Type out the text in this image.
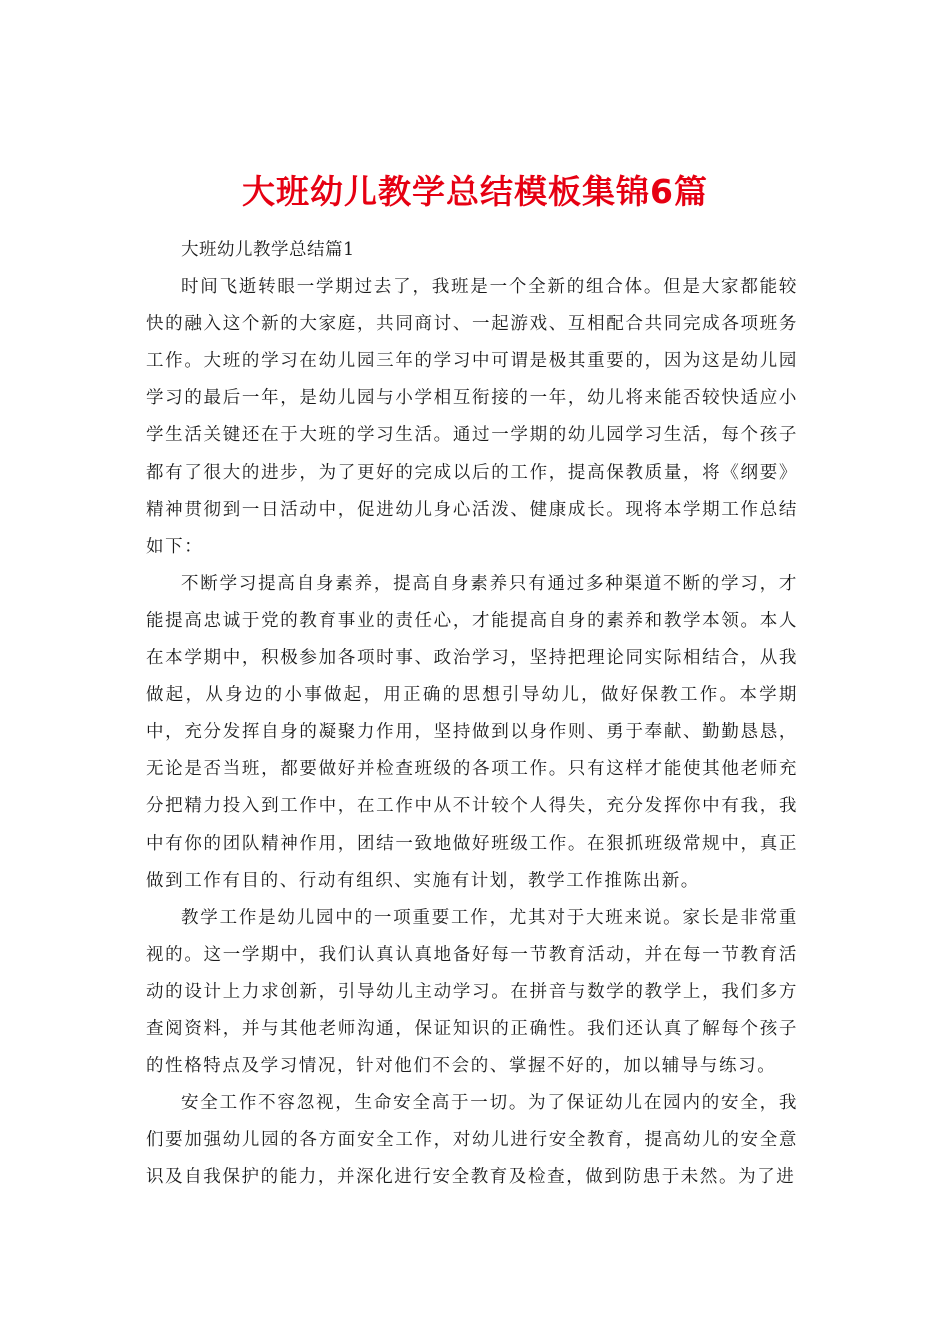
大班幼儿教学总结模板集锦6篇

大班幼儿教学总结篇1

时间飞逝转眼一学期过去了，我班是一个全新的组合体。但是大家都能较快的融入这个新的大家庭，共同商讨、一起游戏、互相配合共同完成各项班务工作。大班的学习在幼儿园三年的学习中可谓是极其重要的，因为这是幼儿园学习的最后一年，是幼儿园与小学相互衔接的一年，幼儿将来能否较快适应小学生活关键还在于大班的学习生活。通过一学期的幼儿园学习生活，每个孩子都有了很大的进步，为了更好的完成以后的工作，提高保教质量，将《纲要》精神贯彻到一日活动中，促进幼儿身心活泼、健康成长。现将本学期工作总结如下：

不断学习提高自身素养，提高自身素养只有通过多种渠道不断的学习，才能提高忠诚于党的教育事业的责任心，才能提高自身的素养和教学本领。本人在本学期中，积极参加各项时事、政治学习，坚持把理论同实际相结合，从我做起，从身边的小事做起，用正确的思想引导幼儿，做好保教工作。本学期中，充分发挥自身的凝聚力作用，坚持做到以身作则、勇于奉献、勤勤恳恳，无论是否当班，都要做好并检查班级的各项工作。只有这样才能使其他老师充分把精力投入到工作中，在工作中从不计较个人得失，充分发挥你中有我，我中有你的团队精神作用，团结一致地做好班级工作。在狠抓班级常规中，真正做到工作有目的、行动有组织、实施有计划，教学工作推陈出新。

教学工作是幼儿园中的一项重要工作，尤其对于大班来说。家长是非常重视的。这一学期中，我们认真认真地备好每一节教育活动，并在每一节教育活动的设计上力求创新，引导幼儿主动学习。在拼音与数学的教学上，我们多方查阅资料，并与其他老师沟通，保证知识的正确性。我们还认真了解每个孩子的性格特点及学习情况，针对他们不会的、掌握不好的，加以辅导与练习。

安全工作不容忽视，生命安全高于一切。为了保证幼儿在园内的安全，我们要加强幼儿园的各方面安全工作，对幼儿进行安全教育，提高幼儿的安全意识及自我保护的能力，并深化进行安全教育及检查，做到防患于未然。为了进
